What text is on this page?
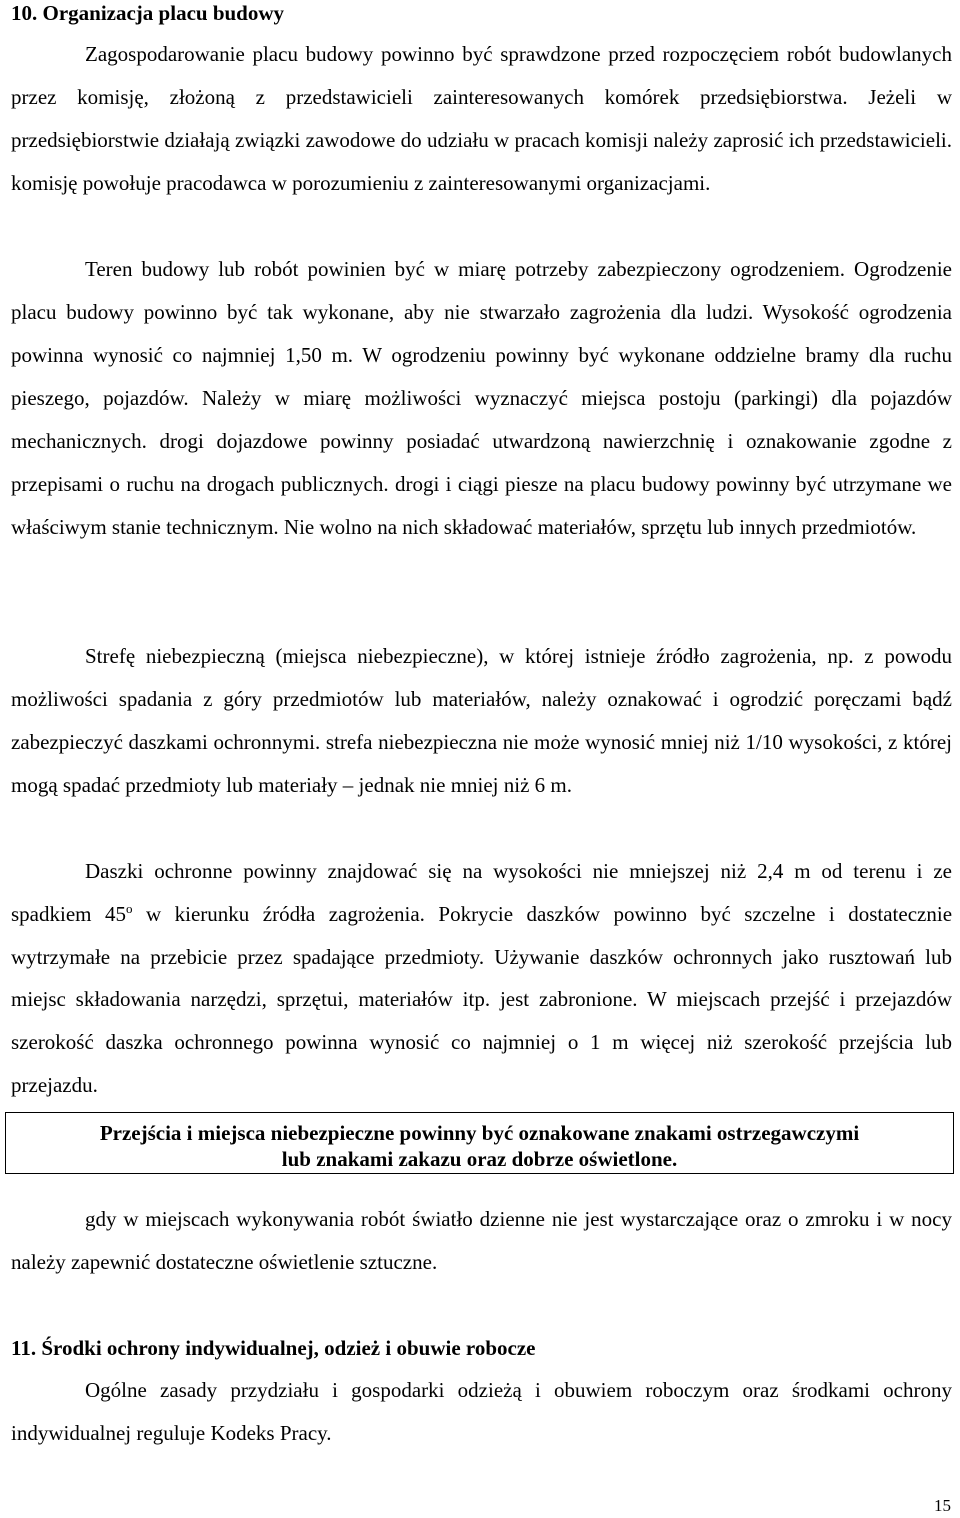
10. Organizacja placu budowy
Zagospodarowanie placu budowy powinno być sprawdzone przed rozpoczęciem robót budowlanych przez komisję, złożoną z przedstawicieli zainteresowanych komórek przedsiębiorstwa. Jeżeli w przedsiębiorstwie działają związki zawodowe do udziału w pracach komisji należy zaprosić ich przedstawicieli. komisję powołuje pracodawca w porozumieniu z zainteresowanymi organizacjami.
Teren budowy lub robót powinien być w miarę potrzeby zabezpieczony ogrodzeniem. Ogrodzenie placu budowy powinno być tak wykonane, aby nie stwarzało zagrożenia dla ludzi. Wysokość ogrodzenia powinna wynosić co najmniej 1,50 m. W ogrodzeniu powinny być wykonane oddzielne bramy dla ruchu pieszego, pojazdów. Należy w miarę możliwości wyznaczyć miejsca postoju (parkingi) dla pojazdów mechanicznych. drogi dojazdowe powinny posiadać utwardzoną nawierzchnię i oznakowanie zgodne z przepisami o ruchu na drogach publicznych. drogi i ciągi piesze na placu budowy powinny być utrzymane we właściwym stanie technicznym. Nie wolno na nich składować materiałów, sprzętu lub innych przedmiotów.
Strefę niebezpieczną (miejsca niebezpieczne), w której istnieje źródło zagrożenia, np. z powodu możliwości spadania z góry przedmiotów lub materiałów, należy oznakować i ogrodzić poręczami bądź zabezpieczyć daszkami ochronnymi. strefa niebezpieczna nie może wynosić mniej niż 1/10 wysokości, z której mogą spadać przedmioty lub materiały – jednak nie mniej niż 6 m.
Daszki ochronne powinny znajdować się na wysokości nie mniejszej niż 2,4 m od terenu i ze spadkiem 45$^o$ w kierunku źródła zagrożenia. Pokrycie daszków powinno być szczelne i dostatecznie wytrzymałe na przebicie przez spadające przedmioty. Używanie daszków ochronnych jako rusztowań lub miejsc składowania narzędzi, sprzętui, materiałów itp. jest zabronione. W miejscach przejść i przejazdów szerokość daszka ochronnego powinna wynosić co najmniej o 1 m więcej niż szerokość przejścia lub przejazdu.
Przejścia i miejsca niebezpieczne powinny być oznakowane znakami ostrzegawczymi
lub znakami zakazu oraz dobrze oświetlone.
gdy w miejscach wykonywania robót światło dzienne nie jest wystarczające oraz o zmroku i w nocy należy zapewnić dostateczne oświetlenie sztuczne.
11. Środki ochrony indywidualnej, odzież i obuwie robocze
Ogólne zasady przydziału i gospodarki odzieżą i obuwiem roboczym oraz środkami ochrony indywidualnej reguluje Kodeks Pracy.
15
